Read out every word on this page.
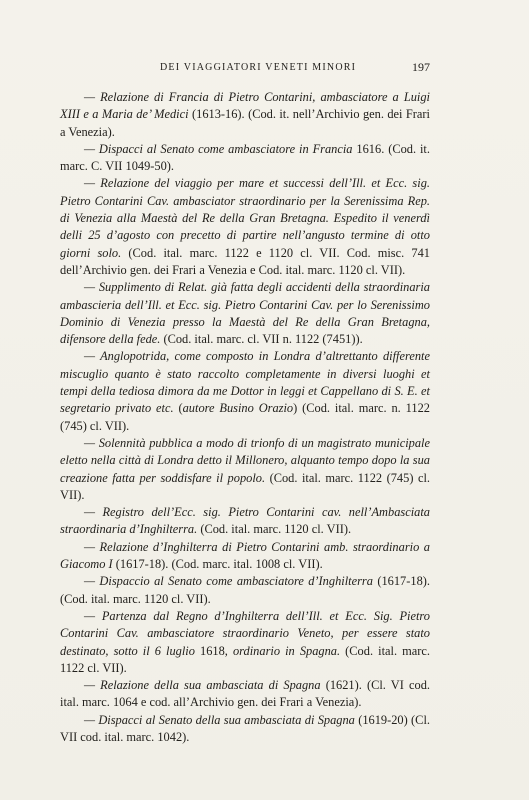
DEI VIAGGIATORI VENETI MINORI	197

— Relazione di Francia di Pietro Contarini, ambasciatore a Luigi XIII e a Maria de’ Medici (1613-16). (Cod. it. nell’Archivio gen. dei Frari a Venezia).

— Dispacci al Senato come ambasciatore in Francia 1616. (Cod. it. marc. C. VII 1049-50).

— Relazione del viaggio per mare et successi dell’Ill. et Ecc. sig. Pietro Contarini Cav. ambasciator straordinario per la Serenissima Rep. di Venezia alla Maestà del Re della Gran Bretagna. Espedito il venerdì delli 25 d’agosto con precetto di partire nell’angusto termine di otto giorni solo. (Cod. ital. marc. 1122 e 1120 cl. VII. Cod. misc. 741 dell’Archivio gen. dei Frari a Venezia e Cod. ital. marc. 1120 cl. VII).

— Supplimento di Relat. già fatta degli accidenti della straordinaria ambascieria dell’Ill. et Ecc. sig. Pietro Contarini Cav. per lo Serenissimo Dominio di Venezia presso la Maestà del Re della Gran Bretagna, difensore della fede. (Cod. ital. marc. cl. VII n. 1122 (7451)).

— Anglopotrida, come composto in Londra d’altrettanto differente miscuglio quanto è stato raccolto completamente in diversi luoghi et tempi della tediosa dimora da me Dottor in leggi et Cappellano di S. E. et segretario privato etc. (autore Busino Orazio) (Cod. ital. marc. n. 1122 (745) cl. VII).

— Solennità pubblica a modo di trionfo di un magistrato municipale eletto nella città di Londra detto il Millonero, alquanto tempo dopo la sua creazione fatta per soddisfare il popolo. (Cod. ital. marc. 1122 (745) cl. VII).

— Registro dell’Ecc. sig. Pietro Contarini cav. nell’Ambasciata straordinaria d’Inghilterra. (Cod. ital. marc. 1120 cl. VII).

— Relazione d’Inghilterra di Pietro Contarini amb. straordinario a Giacomo I (1617-18). (Cod. marc. ital. 1008 cl. VII).

— Dispaccio al Senato come ambasciatore d’Inghilterra (1617-18). (Cod. ital. marc. 1120 cl. VII).

— Partenza dal Regno d’Inghilterra dell’Ill. et Ecc. Sig. Pietro Contarini Cav. ambasciatore straordinario Veneto, per essere stato destinato, sotto il 6 luglio 1618, ordinario in Spagna. (Cod. ital. marc. 1122 cl. VII).

— Relazione della sua ambasciata di Spagna (1621). (Cl. VI cod. ital. marc. 1064 e cod. all’Archivio gen. dei Frari a Venezia).

— Dispacci al Senato della sua ambasciata di Spagna (1619-20) (Cl. VII cod. ital. marc. 1042).
